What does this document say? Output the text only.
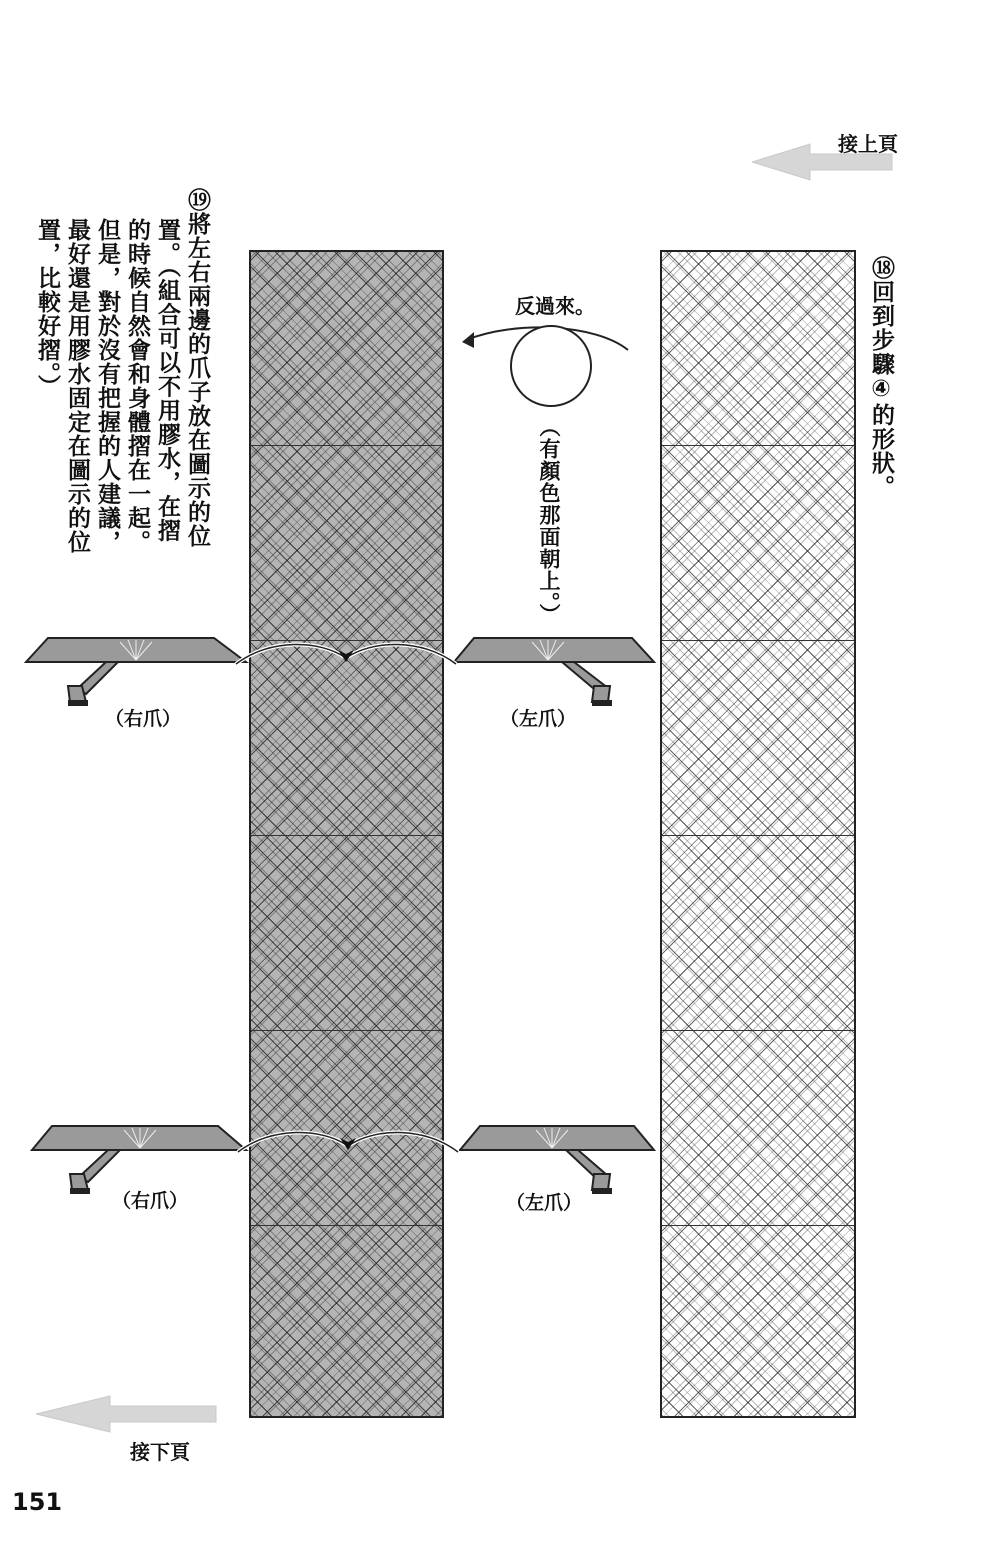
接上頁
⑱回到步驟④的形狀。
⑲將左右兩邊的爪子放在圖示的位
置。（組合可以不用膠水，在摺
的時候自然會和身體摺在一起。
但是，對於沒有把握的人建議，
最好還是用膠水固定在圖示的位
置，比較好摺。）	反過來。
（有顏色那面朝上。）
（右爪）	（左爪）
（右爪）	（左爪）
接下頁
151
